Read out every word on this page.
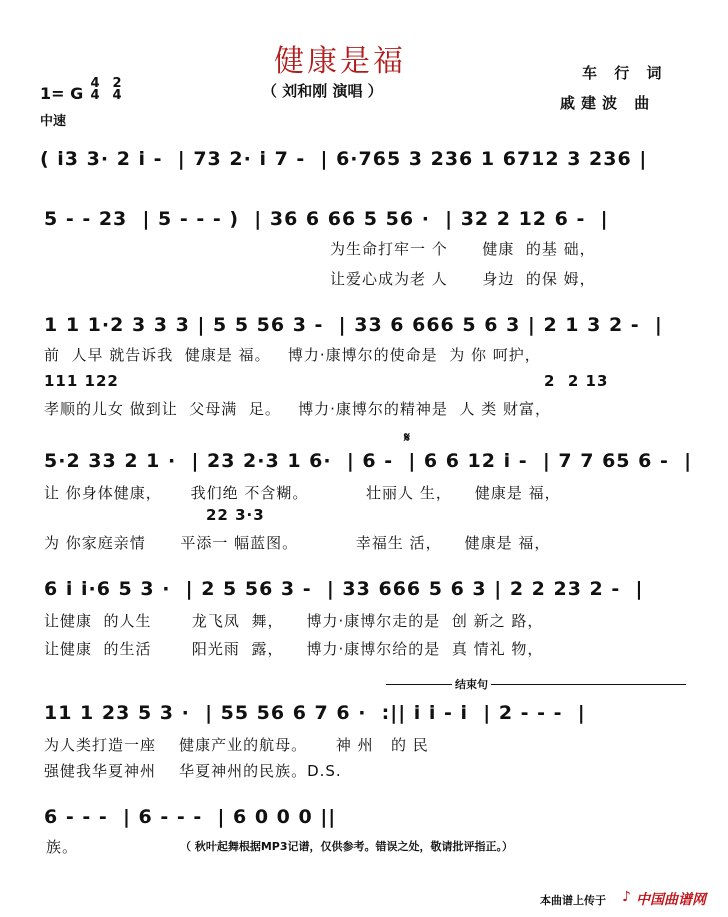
健康是福
（ 刘和刚 演唱 ）
车 行 词
戚建波 曲
1= G
4
4
2
4
中速
( i3 3· 2 i -  | 73 2· i 7 -  | 6·765 3 236 1 6712 3 236 |
5 - - 23  | 5 - - - )  | 36 6 66 5 56 ·  | 32 2 12 6 -  |
为生命打牢一 个      健康  的基 础，
让爱心成为老 人      身边  的保 姆，
1 1 1·2 3 3 3 | 5 5 56 3 -  | 33 6 666 5 6 3 | 2 1 3 2 -  |
前  人早 就告诉我  健康是 福。   博力·康博尔的使命是  为 你 呵护，
111 122	2  2 13
孝顺的儿女 做到让  父母满  足。   博力·康博尔的精神是  人 类 财富，
𝄋
5·2 33 2 1 ·  | 23 2·3 1 6·  | 6 -  | 6 6 12 i -  | 7 7 65 6 -  |
让 你身体健康，     我们绝 不含糊。          壮丽人 生，    健康是 福，
22 3·3
为 你家庭亲情      平添一 幅蓝图。          幸福生 活，    健康是 福，
6 i i·6 5 3 ·  | 2 5 56 3 -  | 33 666 5 6 3 | 2 2 23 2 -  |
让健康  的人生       龙飞凤  舞，    博力·康博尔走的是  创 新之 路，
让健康  的生活       阳光雨  露，    博力·康博尔给的是  真 情礼 物，
结束句
11 1 23 5 3 ·  | 55 56 6 7 6 ·  :|| i i - i  | 2 - - -  |
为人类打造一座    健康产业的航母。     神 州   的 民
强健我华夏神州    华夏神州的民族。D.S.
6 - - -  | 6 - - -  | 6 0 0 0 ||
族。	（ 秋叶起舞根据MP3记谱，仅供参考。错误之处，敬请批评指正。）
本曲谱上传于 ♪ 中国曲谱网
